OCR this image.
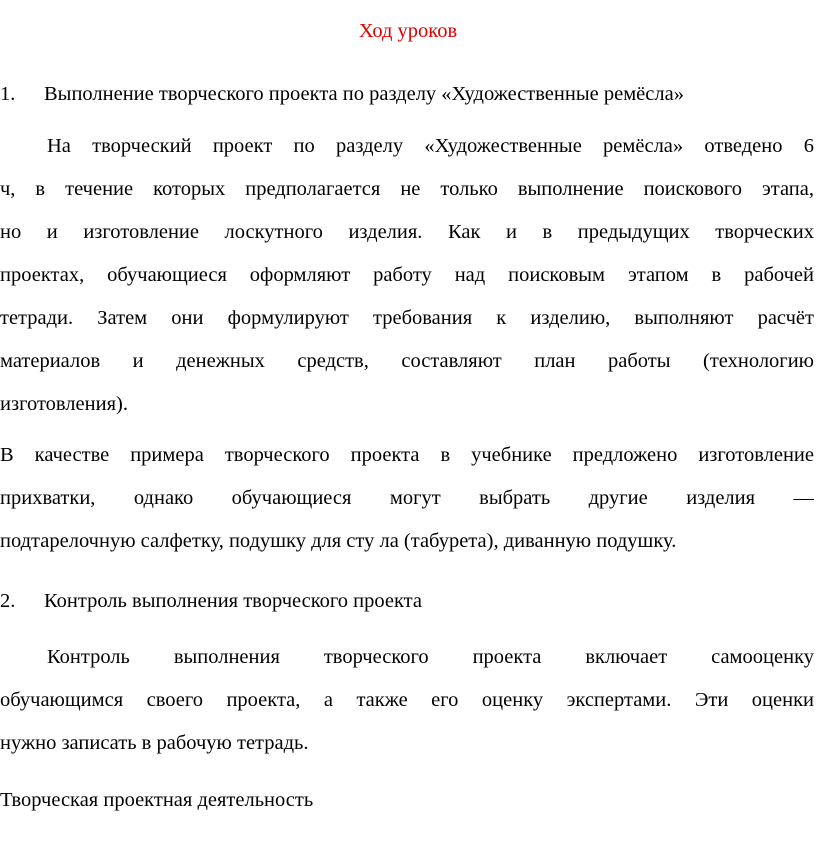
Ход уроков
1. Выполнение творческого проекта по разделу «Художественные ремёсла»
На творческий проект по разделу «Художественные ремёсла» отведено 6
ч, в течение которых предполагается не только выполнение поискового этапа,
но и изготовление лоскутного изделия. Как и в предыдущих творческих
проектах, обучающиеся оформляют работу над поисковым этапом в рабочей
тетради. Затем они формулируют требования к изделию, выполняют расчёт
материалов и денежных средств, составляют план работы (технологию
изготовления).
В качестве примера творческого проекта в учебнике предложено изготовление
прихватки, однако обучающиеся могут выбрать другие изделия —
подтарелочную салфетку, подушку для сту ла (табурета), диванную подушку.
2. Контроль выполнения творческого проекта
Контроль выполнения творческого проекта включает самооценку
обучающимся своего проекта, а также его оценку экспертами. Эти оценки
нужно записать в рабочую тетрадь.
Творческая проектная деятельность
